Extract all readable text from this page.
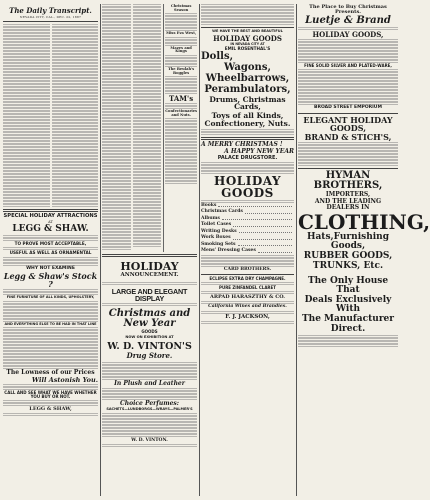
The Daily Transcript.
NEVADA CITY, CAL., DEC. 22, 1887
SPECIAL HOLIDAY ATTRACTIONS
AT
LEGG & SHAW.
TO PROVE MOST ACCEPTABLE,
USEFUL AS WELL AS ORNAMENTAL
WHY NOT EXAMINE
Legg & Shaw's Stock ?
FINE FURNITURE OF ALL KINDS, UPHOLSTERY,
AND EVERYTHING ELSE TO BE HAD IN THAT LINE
The Lowness of our Prices
Will Astonish You.
CALL AND SEE WHAT WE HAVE WHETHER YOU BUY OR NOT.
LEGG & SHAW,
Christmas Season
Miss Eva West,
Mazes and Kings
The Beulah's Boggles
TAM's
Confectionaries and Nuts.
HOLIDAY
ANNOUNCEMENT.
LARGE AND ELEGANT DISPLAY
Christmas and New Year
GOODS
NOW ON EXHIBITION AT
W. D. VINTON'S
Drug Store.
In Plush and Leather
Choice Perfumes:
SACHETS—LUNDBORGS—WRAYS—PALMER'S
W. D. VINTON.
WE HAVE THE BEST AND BEAUTIFUL
HOLIDAY GOODS
IN NEVADA CITY AT
EMIL ROSENTHAL'S
Dolls,
Wagons,
Wheelbarrows,
Perambulators,
Drums, Christmas Cards,
Toys of all Kinds,
Confectionery, Nuts.
A MERRY CHRISTMAS !
A HAPPY NEW YEAR
PALACE DRUGSTORE.
HOLIDAY GOODS
Books
Christmas Cards
Albums
Toilet Cases
Writing Desks
Work Boxes
Smoking Sets
Mens' Dressing Cases
CARD BROTHERS.
ECLIPSE EXTRA DRY CHAMPAGNE.
PURE ZINFANDEL CLARET
ARPAD HARASZTHY & CO.
California Wines and Brandies.
F. J. JACKSON,
The Place to Buy Christmas Presents.
Luetje & Brand
HOLIDAY GOODS,
FINE SOLID SILVER AND PLATED-WARE,
BROAD STREET EMPORIUM
ELEGANT HOLIDAY GOODS,
BRAND & STICH'S,
HYMAN BROTHERS,
IMPORTERS,
AND THE LEADING DEALERS IN
CLOTHING,
Hats,Furnishing Goods,
RUBBER GOODS,
TRUNKS, Etc.
The Only House That
Deals Exclusively With
The Manufacturer
Direct.
